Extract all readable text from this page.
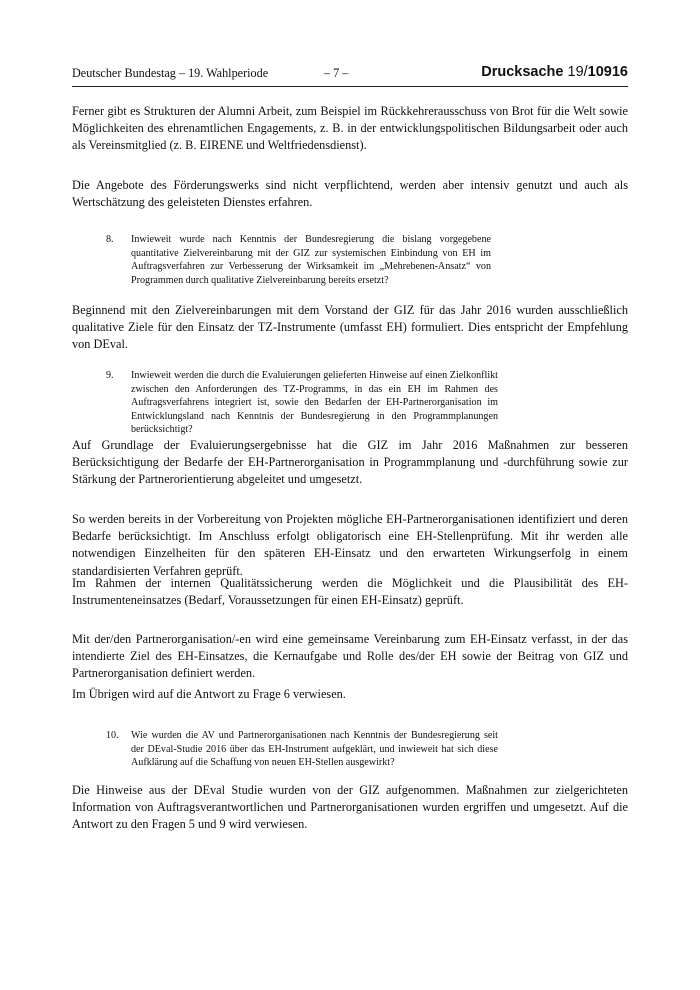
Deutscher Bundestag – 19. Wahlperiode	– 7 –	Drucksache 19/10916

Ferner gibt es Strukturen der Alumni Arbeit, zum Beispiel im Rückkehrerausschuss von Brot für die Welt sowie Möglichkeiten des ehrenamtlichen Engagements, z. B. in der entwicklungspolitischen Bildungsarbeit oder auch als Vereinsmitglied (z. B. EIRENE und Weltfriedensdienst).

Die Angebote des Förderungswerks sind nicht verpflichtend, werden aber intensiv genutzt und auch als Wertschätzung des geleisteten Dienstes erfahren.

8. Inwieweit wurde nach Kenntnis der Bundesregierung die bislang vorgegebene quantitative Zielvereinbarung mit der GIZ zur systemischen Einbindung von EH im Auftragsverfahren zur Verbesserung der Wirksamkeit im „Mehrebenen-Ansatz“ von Programmen durch qualitative Zielvereinbarung bereits ersetzt?

Beginnend mit den Zielvereinbarungen mit dem Vorstand der GIZ für das Jahr 2016 wurden ausschließlich qualitative Ziele für den Einsatz der TZ-Instrumente (umfasst EH) formuliert. Dies entspricht der Empfehlung von DEval.

9. Inwieweit werden die durch die Evaluierungen gelieferten Hinweise auf einen Zielkonflikt zwischen den Anforderungen des TZ-Programms, in das ein EH im Rahmen des Auftragsverfahrens integriert ist, sowie den Bedarfen der EH-Partnerorganisation im Entwicklungsland nach Kenntnis der Bundesregierung in den Programmplanungen berücksichtigt?

Auf Grundlage der Evaluierungsergebnisse hat die GIZ im Jahr 2016 Maßnahmen zur besseren Berücksichtigung der Bedarfe der EH-Partnerorganisation in Programmplanung und -durchführung sowie zur Stärkung der Partnerorientierung abgeleitet und umgesetzt.

So werden bereits in der Vorbereitung von Projekten mögliche EH-Partnerorganisationen identifiziert und deren Bedarfe berücksichtigt. Im Anschluss erfolgt obligatorisch eine EH-Stellenprüfung. Mit ihr werden alle notwendigen Einzelheiten für den späteren EH-Einsatz und den erwarteten Wirkungserfolg in einem standardisierten Verfahren geprüft.

Im Rahmen der internen Qualitätssicherung werden die Möglichkeit und die Plausibilität des EH-Instrumenteneinsatzes (Bedarf, Voraussetzungen für einen EH-Einsatz) geprüft.

Mit der/den Partnerorganisation/-en wird eine gemeinsame Vereinbarung zum EH-Einsatz verfasst, in der das intendierte Ziel des EH-Einsatzes, die Kernaufgabe und Rolle des/der EH sowie der Beitrag von GIZ und Partnerorganisation definiert werden.

Im Übrigen wird auf die Antwort zu Frage 6 verwiesen.

10. Wie wurden die AV und Partnerorganisationen nach Kenntnis der Bundesregierung seit der DEval-Studie 2016 über das EH-Instrument aufgeklärt, und inwieweit hat sich diese Aufklärung auf die Schaffung von neuen EH-Stellen ausgewirkt?

Die Hinweise aus der DEval Studie wurden von der GIZ aufgenommen. Maßnahmen zur zielgerichteten Information von Auftragsverantwortlichen und Partnerorganisationen wurden ergriffen und umgesetzt. Auf die Antwort zu den Fragen 5 und 9 wird verwiesen.
